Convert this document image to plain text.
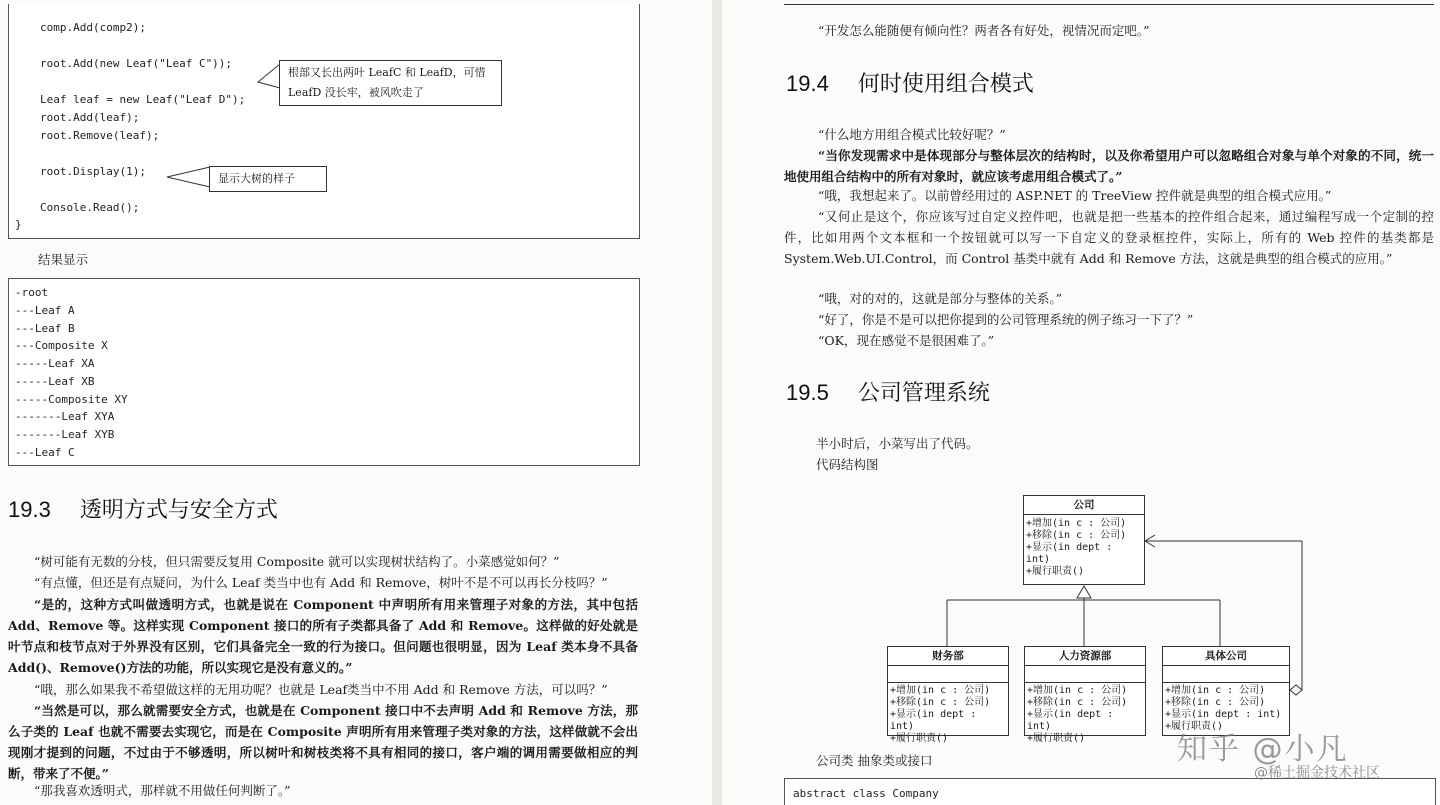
comp.Add(comp2);
root.Add(new Leaf("Leaf C"));
Leaf leaf = new Leaf("Leaf D");
root.Add(leaf);
root.Remove(leaf);
root.Display(1);
Console.Read();
}
根部又长出两叶 LeafC 和 LeafD，可惜
LeafD 没长牢，被风吹走了
显示大树的样子
结果显示
-root
---Leaf A
---Leaf B
---Composite X
-----Leaf XA
-----Leaf XB
-----Composite XY
-------Leaf XYA
-------Leaf XYB
---Leaf C
19.3 透明方式与安全方式
“树可能有无数的分枝，但只需要反复用 Composite 就可以实现树状结构了。小菜感觉如何？”
“有点懂，但还是有点疑问，为什么 Leaf 类当中也有 Add 和 Remove，树叶不是不可以再长分枝吗？”
“是的，这种方式叫做透明方式，也就是说在 Component 中声明所有用来管理子对象的方法，其中包括 Add、Remove 等。这样实现 Component 接口的所有子类都具备了 Add 和 Remove。这样做的好处就是叶节点和枝节点对于外界没有区别，它们具备完全一致的行为接口。但问题也很明显，因为 Leaf 类本身不具备 Add()、Remove()方法的功能，所以实现它是没有意义的。”
“哦，那么如果我不希望做这样的无用功呢？也就是 Leaf类当中不用 Add 和 Remove 方法，可以吗？”
“当然是可以，那么就需要安全方式，也就是在 Component 接口中不去声明 Add 和 Remove 方法，那么子类的 Leaf 也就不需要去实现它，而是在 Composite 声明所有用来管理子类对象的方法，这样做就不会出现刚才提到的问题，不过由于不够透明，所以树叶和树枝类将不具有相同的接口，客户端的调用需要做相应的判断，带来了不便。”
“那我喜欢透明式，那样就不用做任何判断了。”
“开发怎么能随便有倾向性？两者各有好处，视情况而定吧。”
19.4 何时使用组合模式
“什么地方用组合模式比较好呢？”
“当你发现需求中是体现部分与整体层次的结构时，以及你希望用户可以忽略组合对象与单个对象的不同，统一地使用组合结构中的所有对象时，就应该考虑用组合模式了。”
“哦，我想起来了。以前曾经用过的 ASP.NET 的 TreeView 控件就是典型的组合模式应用。”
“又何止是这个，你应该写过自定义控件吧，也就是把一些基本的控件组合起来，通过编程写成一个定制的控件，比如用两个文本框和一个按钮就可以写一下自定义的登录框控件，实际上，所有的 Web 控件的基类都是 System.Web.UI.Control，而 Control 基类中就有 Add 和 Remove 方法，这就是典型的组合模式的应用。”
“哦，对的对的，这就是部分与整体的关系。”
“好了，你是不是可以把你提到的公司管理系统的例子练习一下了？”
“OK，现在感觉不是很困难了。”
19.5 公司管理系统
半小时后，小菜写出了代码。
代码结构图
公司
+增加(in c : 公司)
+移除(in c : 公司)
+显示(in dept : int)
+履行职责()
财务部
+增加(in c : 公司)
+移除(in c : 公司)
+显示(in dept : int)
+履行职责()
人力资源部
+增加(in c : 公司)
+移除(in c : 公司)
+显示(in dept : int)
+履行职责()
具体公司
+增加(in c : 公司)
+移除(in c : 公司)
+显示(in dept : int)
+履行职责()
公司类 抽象类或接口
abstract class Company
知乎 @小凡
@稀土掘金技术社区
